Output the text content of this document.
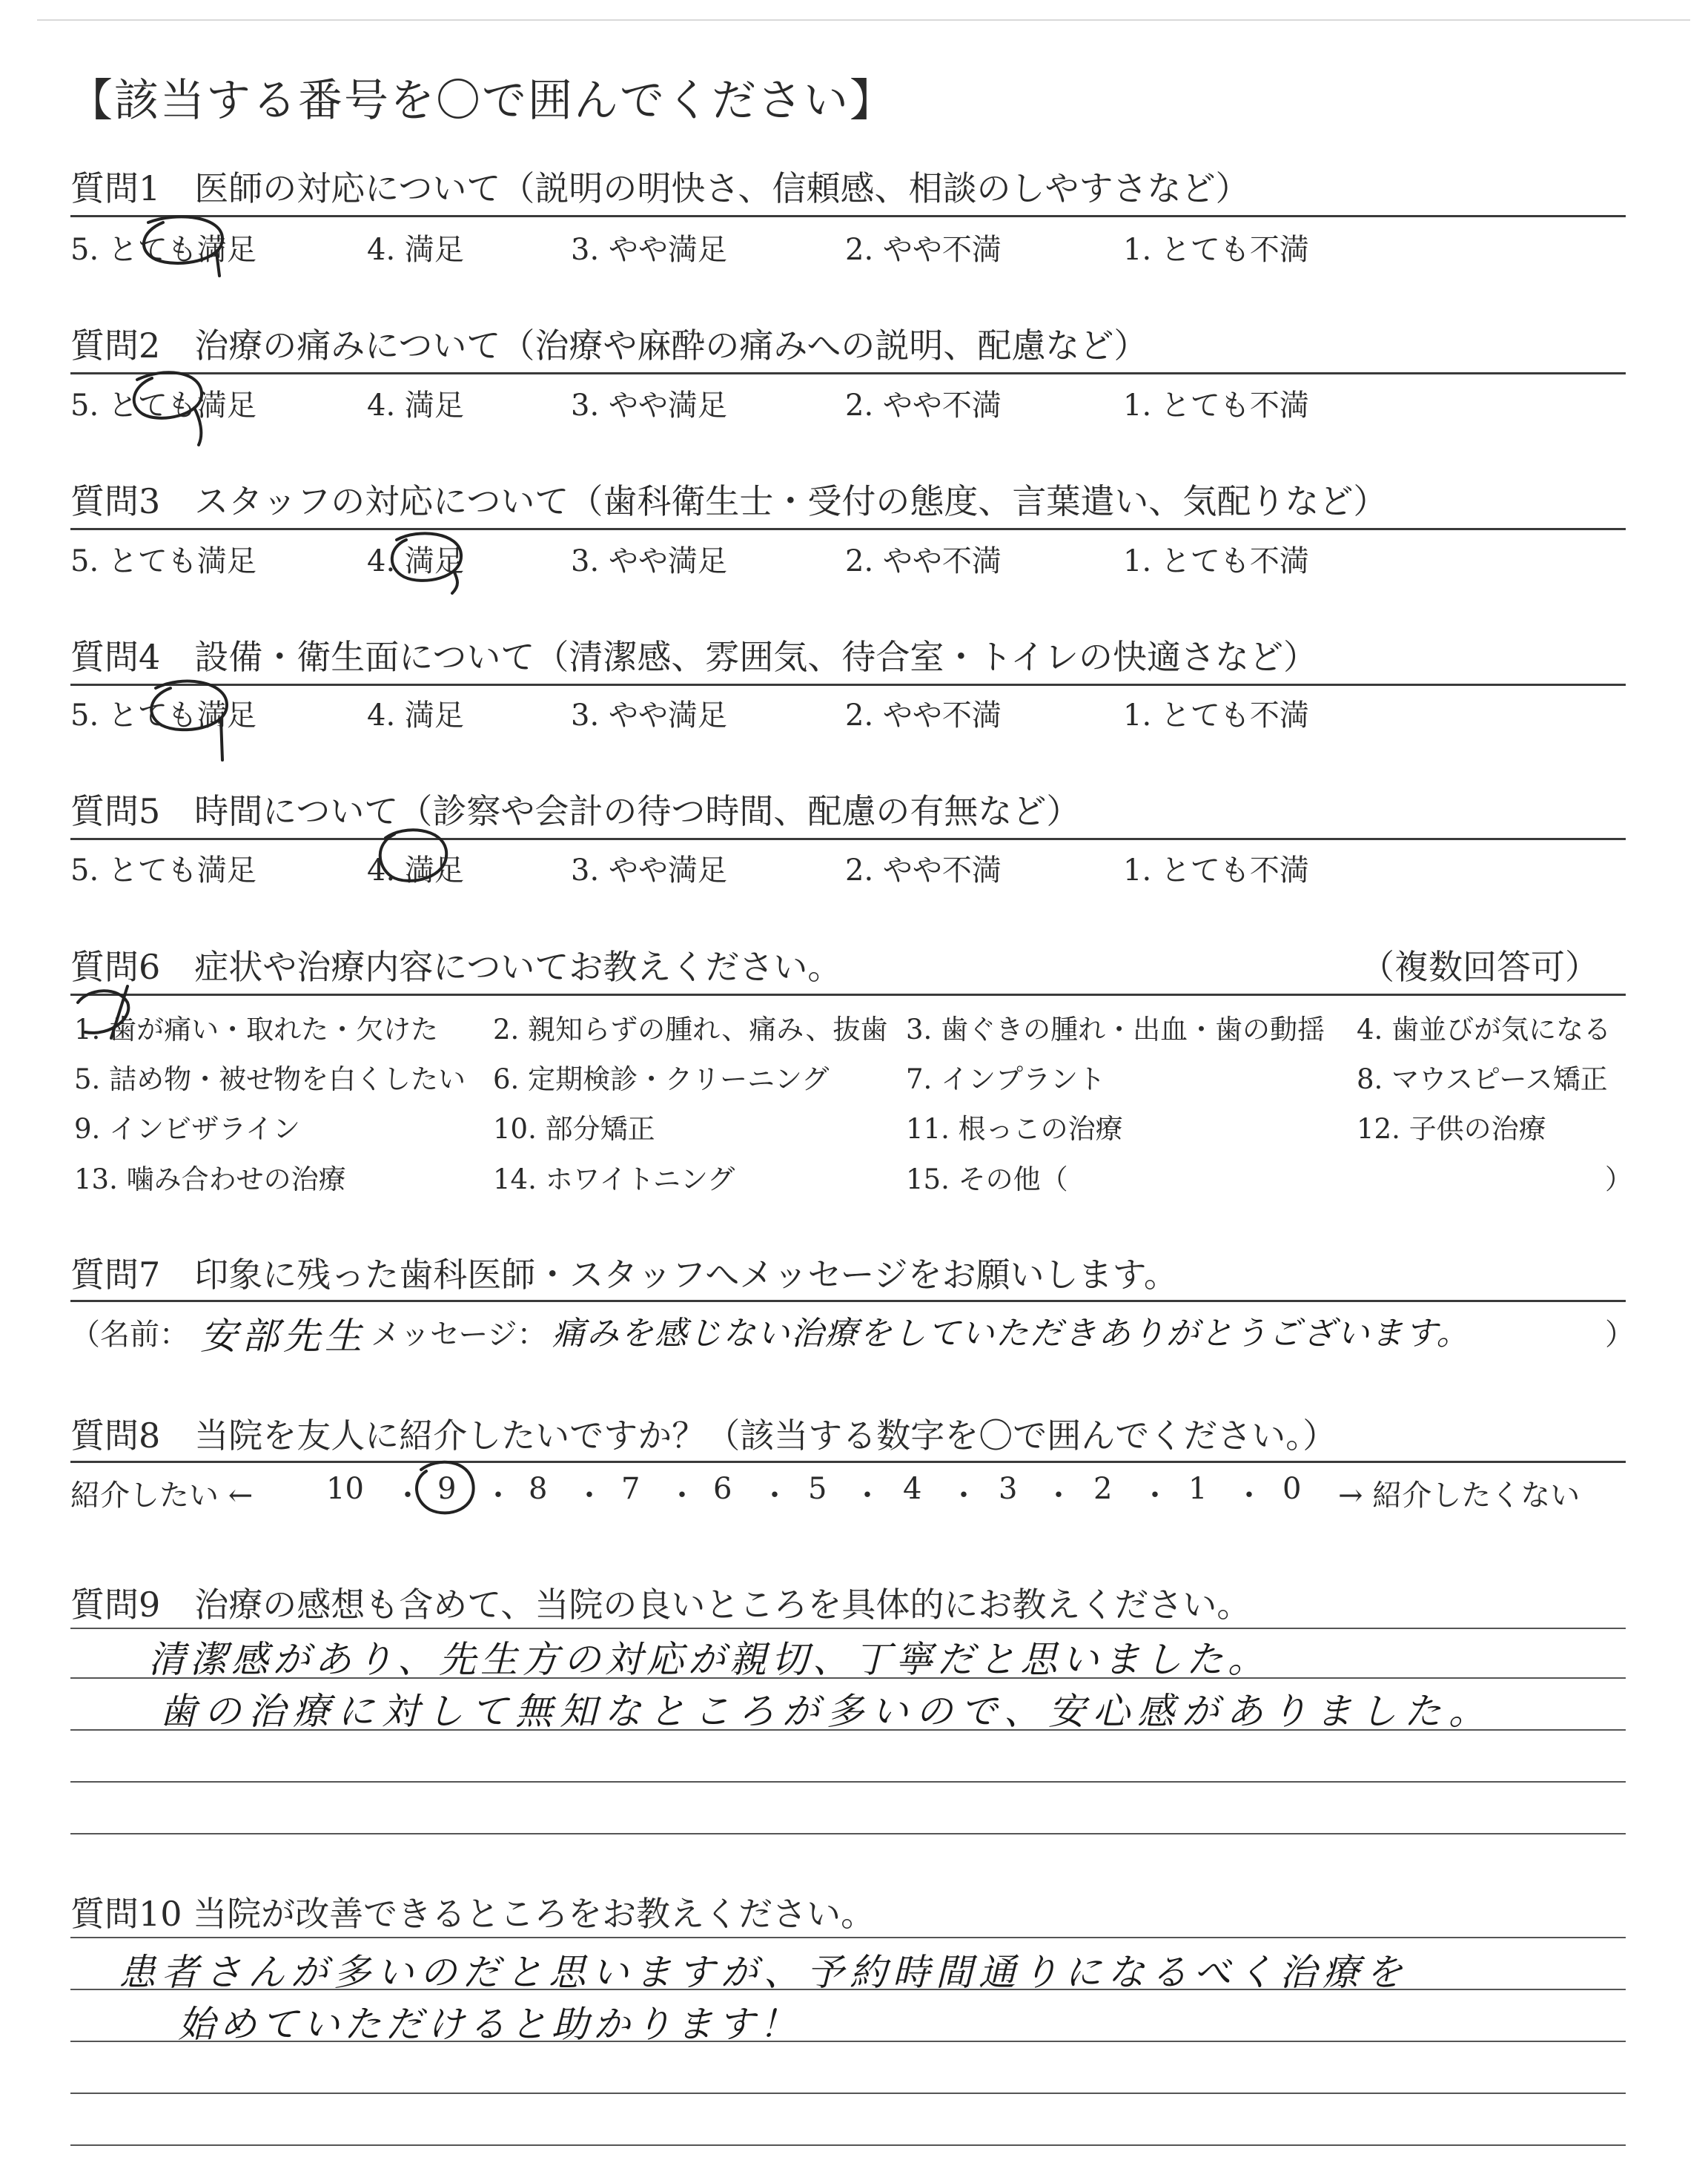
【該当する番号を〇で囲んでください】
質問1　医師の対応について（説明の明快さ、信頼感、相談のしやすさなど）
5. とても満足	4. 満足	3. やや満足	2. やや不満	1. とても不満
質問2　治療の痛みについて（治療や麻酔の痛みへの説明、配慮など）
5. とても満足	4. 満足	3. やや満足	2. やや不満	1. とても不満
質問3　スタッフの対応について（歯科衛生士・受付の態度、言葉遣い、気配りなど）
5. とても満足	4. 満足	3. やや満足	2. やや不満	1. とても不満
質問4　設備・衛生面について（清潔感、雰囲気、待合室・トイレの快適さなど）
5. とても満足	4. 満足	3. やや満足	2. やや不満	1. とても不満
質問5　時間について（診察や会計の待つ時間、配慮の有無など）
5. とても満足	4. 満足	3. やや満足	2. やや不満	1. とても不満
質問6　症状や治療内容についてお教えください。	（複数回答可）
1. 歯が痛い・取れた・欠けた 2. 親知らずの腫れ、痛み、抜歯 3. 歯ぐきの腫れ・出血・歯の動揺 4. 歯並びが気になる
5. 詰め物・被せ物を白くしたい 6. 定期検診・クリーニング	7. インプラント	8. マウスピース矯正
9. インビザライン	10. 部分矯正	11. 根っこの治療	12. 子供の治療
13. 噛み合わせの治療	14. ホワイトニング	15. その他（	）
質問7　印象に残った歯科医師・スタッフへメッセージをお願いします。
（名前： 安部先生 メッセージ： 痛みを感じない治療をしていただきありがとうございます。	）
質問8　当院を友人に紹介したいですか？（該当する数字を〇で囲んでください。）
紹介したい ← 10 ・ 9 ・ 8 ・ 7 ・ 6 ・ 5 ・ 4 ・ 3 ・ 2 ・ 1 ・ 0 → 紹介したくない
質問9　治療の感想も含めて、当院の良いところを具体的にお教えください。
清潔感があり、先生方の対応が親切、丁寧だと思いました。
歯の治療に対して無知なところが多いので、安心感がありました。
質問10 当院が改善できるところをお教えください。
患者さんが多いのだと思いますが、予約時間通りになるべく治療を
始めていただけると助かります！
